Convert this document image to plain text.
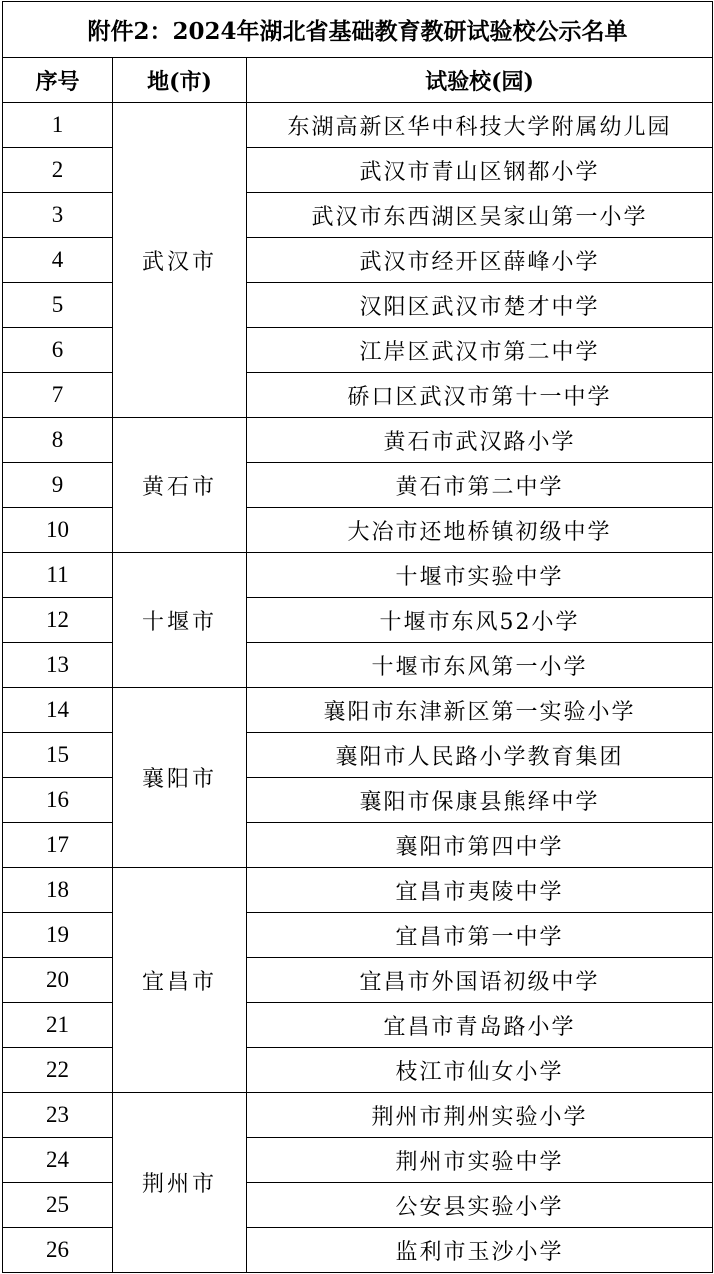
附件2：2024年湖北省基础教育教研试验校公示名单		
序号	地(市)	试验校(园)
1	武汉市	东湖高新区华中科技大学附属幼儿园
2		武汉市青山区钢都小学
3		武汉市东西湖区吴家山第一小学
4		武汉市经开区薛峰小学
5		汉阳区武汉市楚才中学
6		江岸区武汉市第二中学
7		硚口区武汉市第十一中学
8	黄石市	黄石市武汉路小学
9		黄石市第二中学
10		大冶市还地桥镇初级中学
11	十堰市	十堰市实验中学
12		十堰市东风52小学
13		十堰市东风第一小学
14	襄阳市	襄阳市东津新区第一实验小学
15		襄阳市人民路小学教育集团
16		襄阳市保康县熊绎中学
17		襄阳市第四中学
18	宜昌市	宜昌市夷陵中学
19		宜昌市第一中学
20		宜昌市外国语初级中学
21		宜昌市青岛路小学
22		枝江市仙女小学
23	荆州市	荆州市荆州实验小学
24		荆州市实验中学
25		公安县实验小学
26		监利市玉沙小学
